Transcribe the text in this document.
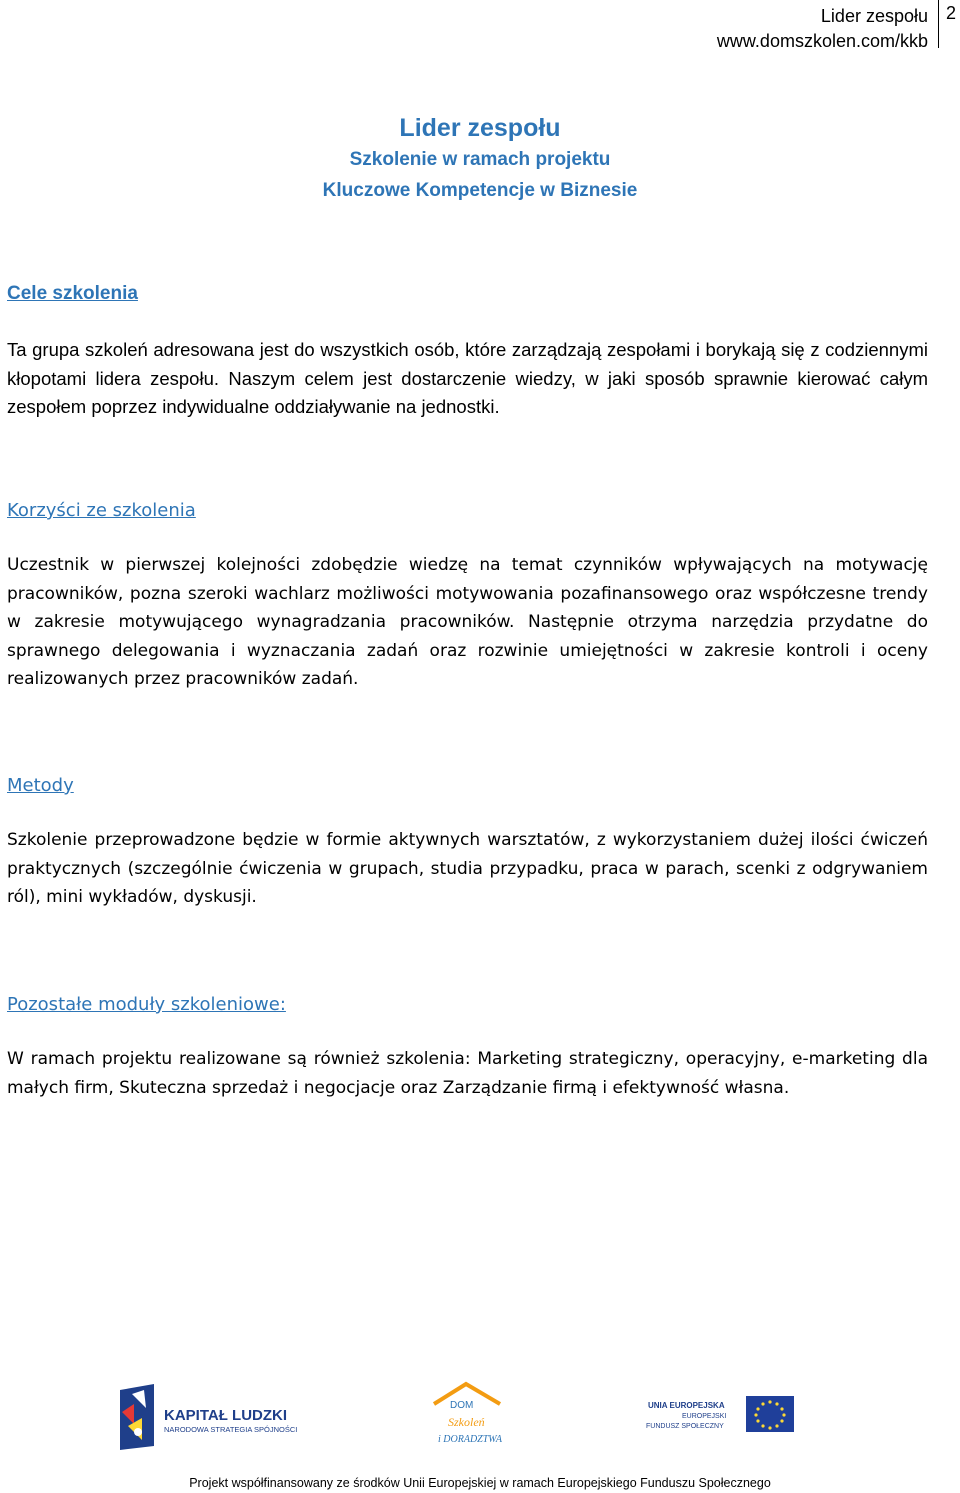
Lider zespołu
www.domszkolen.com/kkb
2
Lider zespołu
Szkolenie w ramach projektu
Kluczowe Kompetencje w Biznesie
Cele szkolenia
Ta grupa szkoleń adresowana jest do wszystkich osób, które zarządzają zespołami i borykają się z codziennymi kłopotami lidera zespołu. Naszym celem jest dostarczenie wiedzy, w jaki sposób sprawnie kierować całym zespołem poprzez indywidualne oddziaływanie na jednostki.
Korzyści ze szkolenia
Uczestnik w pierwszej kolejności zdobędzie wiedzę na temat czynników wpływających na motywację pracowników, pozna szeroki wachlarz możliwości motywowania pozafinansowego oraz współczesne trendy w zakresie motywującego wynagradzania pracowników. Następnie otrzyma narzędzia przydatne do sprawnego delegowania i wyznaczania zadań oraz rozwinie umiejętności w zakresie kontroli i oceny realizowanych przez pracowników zadań.
Metody
Szkolenie przeprowadzone będzie w formie aktywnych warsztatów, z wykorzystaniem dużej ilości ćwiczeń praktycznych (szczególnie ćwiczenia w grupach, studia przypadku, praca w parach, scenki z odgrywaniem ról), mini wykładów, dyskusji.
Pozostałe moduły szkoleniowe:
W ramach projektu realizowane są również szkolenia: Marketing strategiczny, operacyjny, e-marketing dla małych firm, Skuteczna sprzedaż i negocjacje oraz Zarządzanie firmą i efektywność własna.
KAPITAŁ LUDZKI
NARODOWA STRATEGIA SPÓJNOŚCI
DOM
Szkoleń
i DORADZTWA
UNIA EUROPEJSKA
EUROPEJSKI
FUNDUSZ SPOŁECZNY
Projekt współfinansowany ze środków Unii Europejskiej w ramach Europejskiego Funduszu Społecznego
